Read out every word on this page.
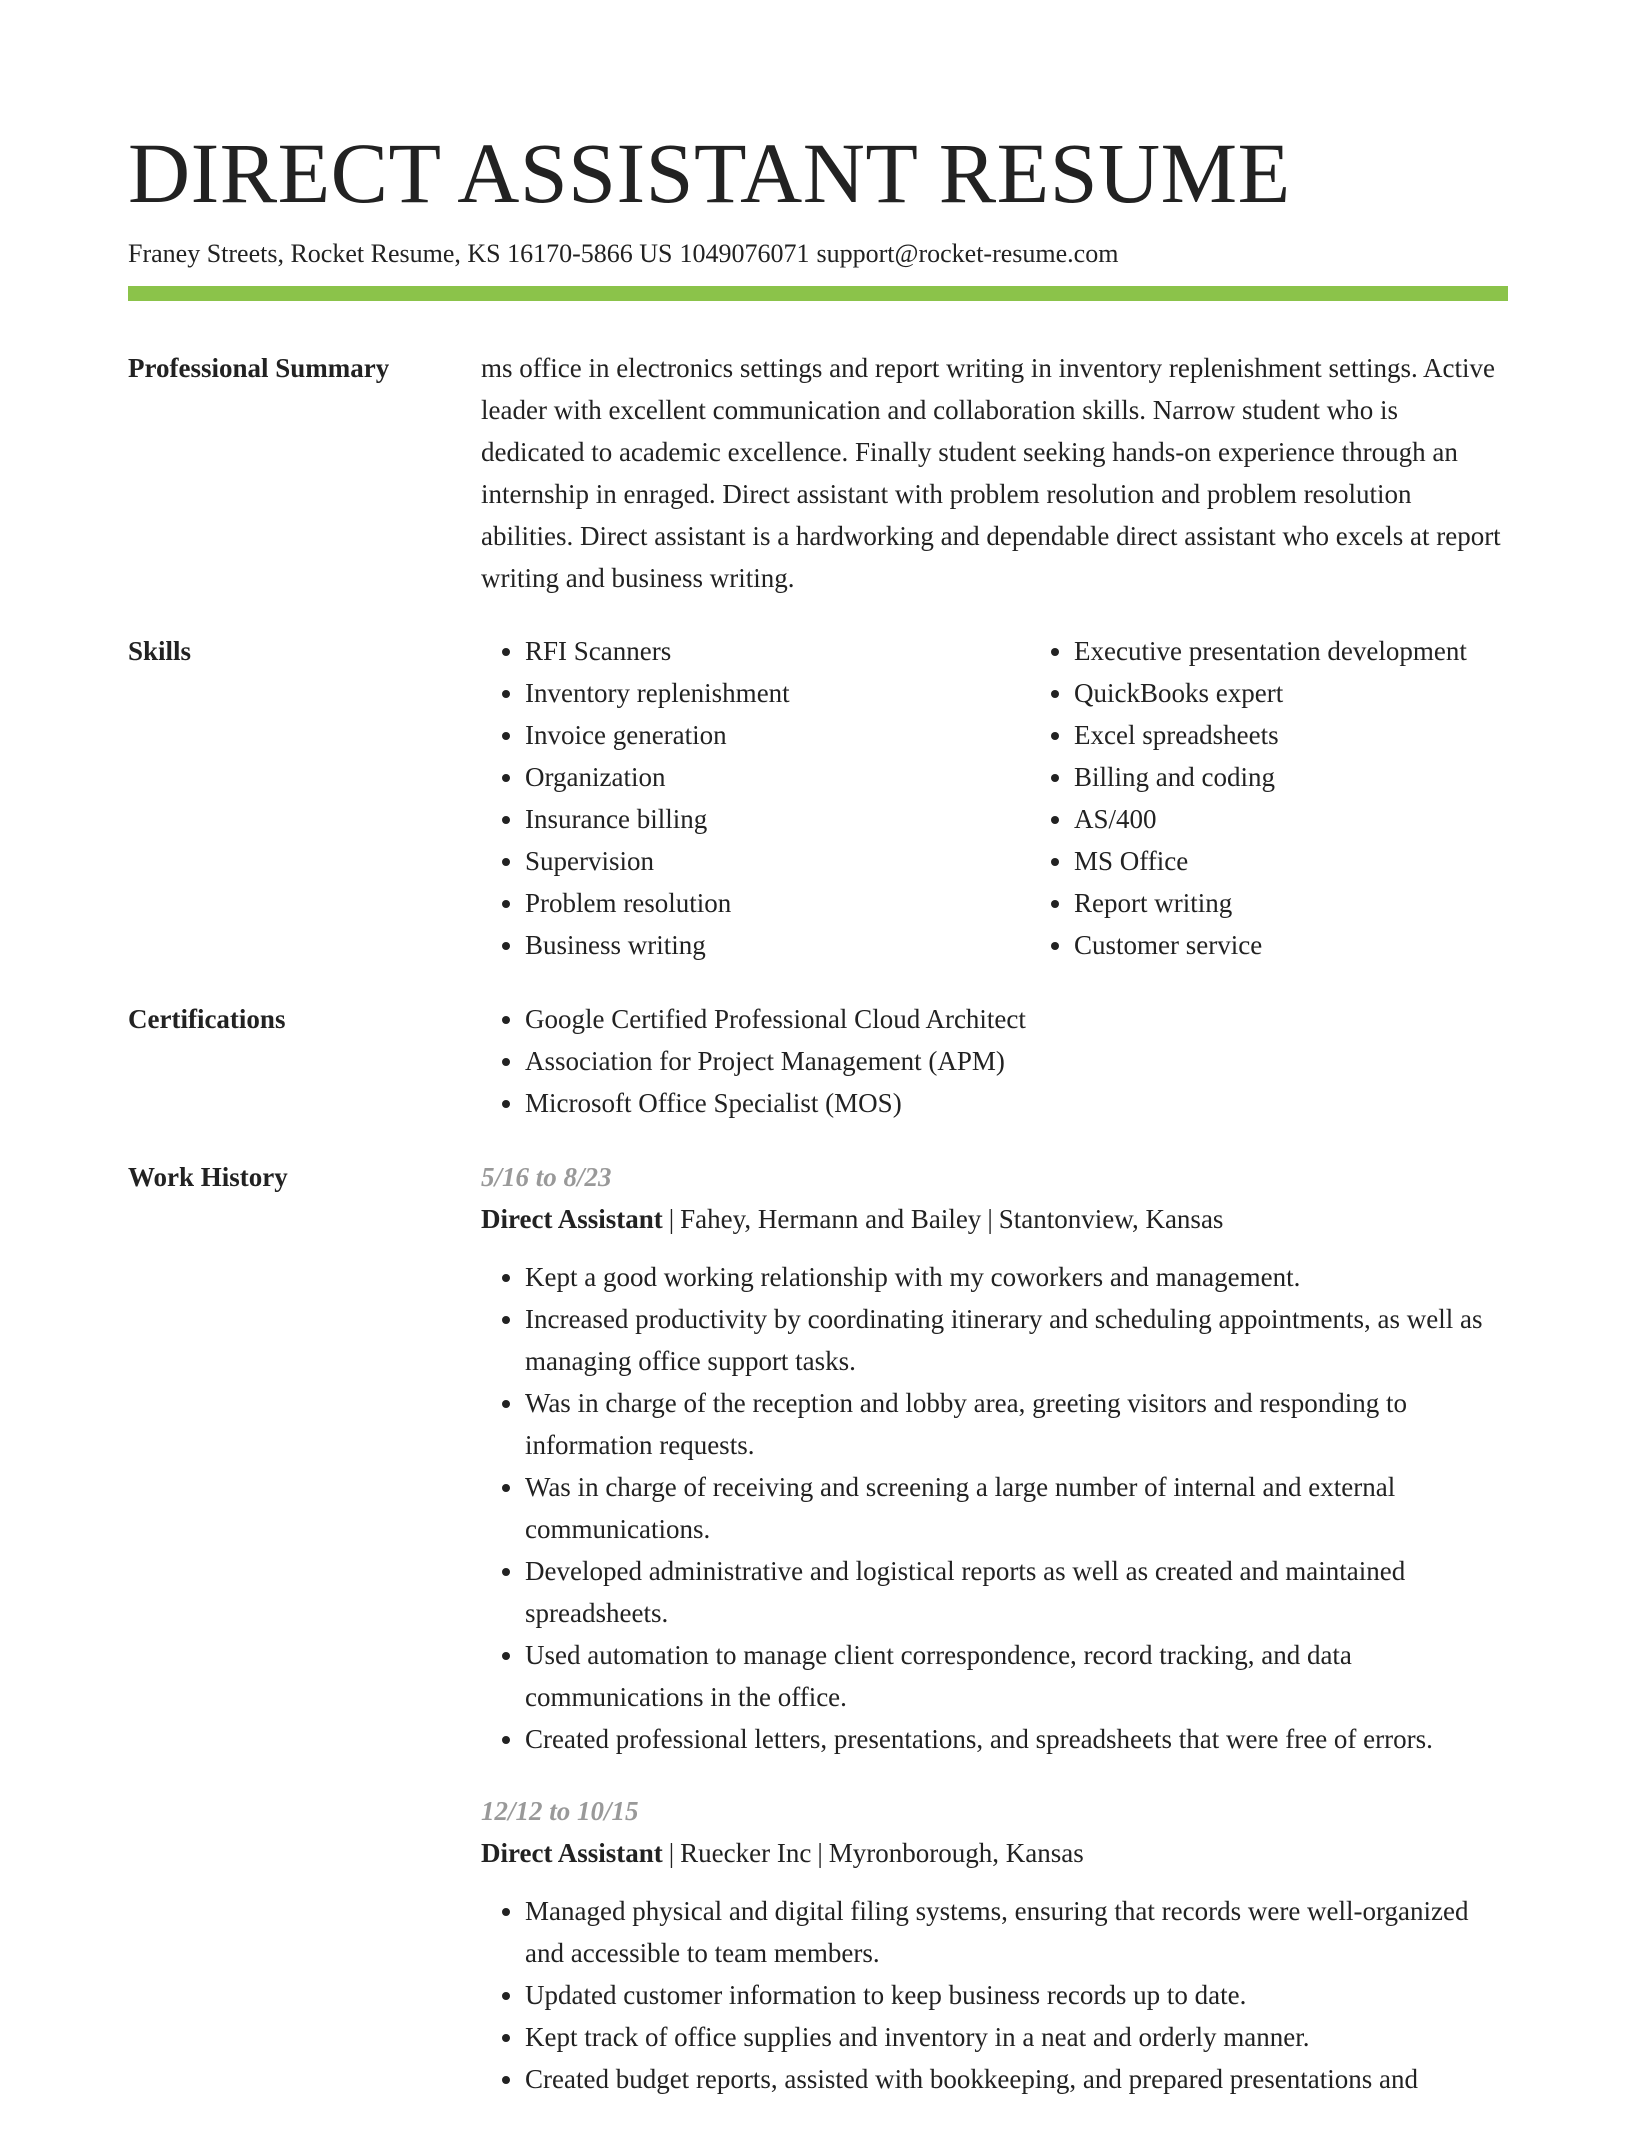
DIRECT ASSISTANT RESUME
Franey Streets, Rocket Resume, KS 16170-5866 US 1049076071 support@rocket-resume.com
Professional Summary	ms office in electronics settings and report writing in inventory replenishment settings. Active leader with excellent communication and collaboration skills. Narrow student who is dedicated to academic excellence. Finally student seeking hands-on experience through an internship in enraged. Direct assistant with problem resolution and problem resolution abilities. Direct assistant is a hardworking and dependable direct assistant who excels at report writing and business writing.

Skills	• RFI Scanners
• Inventory replenishment
• Invoice generation
• Organization
• Insurance billing
• Supervision
• Problem resolution
• Business writing
• Executive presentation development
• QuickBooks expert
• Excel spreadsheets
• Billing and coding
• AS/400
• MS Office
• Report writing
• Customer service
Certifications	• Google Certified Professional Cloud Architect
• Association for Project Management (APM)
• Microsoft Office Specialist (MOS)
Work History	5/16 to 8/23
Direct Assistant | Fahey, Hermann and Bailey | Stantonview, Kansas
• Kept a good working relationship with my coworkers and management.
• Increased productivity by coordinating itinerary and scheduling appointments, as well as managing office support tasks.
• Was in charge of the reception and lobby area, greeting visitors and responding to information requests.
• Was in charge of receiving and screening a large number of internal and external communications.
• Developed administrative and logistical reports as well as created and maintained spreadsheets.
• Used automation to manage client correspondence, record tracking, and data communications in the office.
• Created professional letters, presentations, and spreadsheets that were free of errors.
12/12 to 10/15
Direct Assistant | Ruecker Inc | Myronborough, Kansas
• Managed physical and digital filing systems, ensuring that records were well-organized and accessible to team members.
• Updated customer information to keep business records up to date.
• Kept track of office supplies and inventory in a neat and orderly manner.
• Created budget reports, assisted with bookkeeping, and prepared presentations and
